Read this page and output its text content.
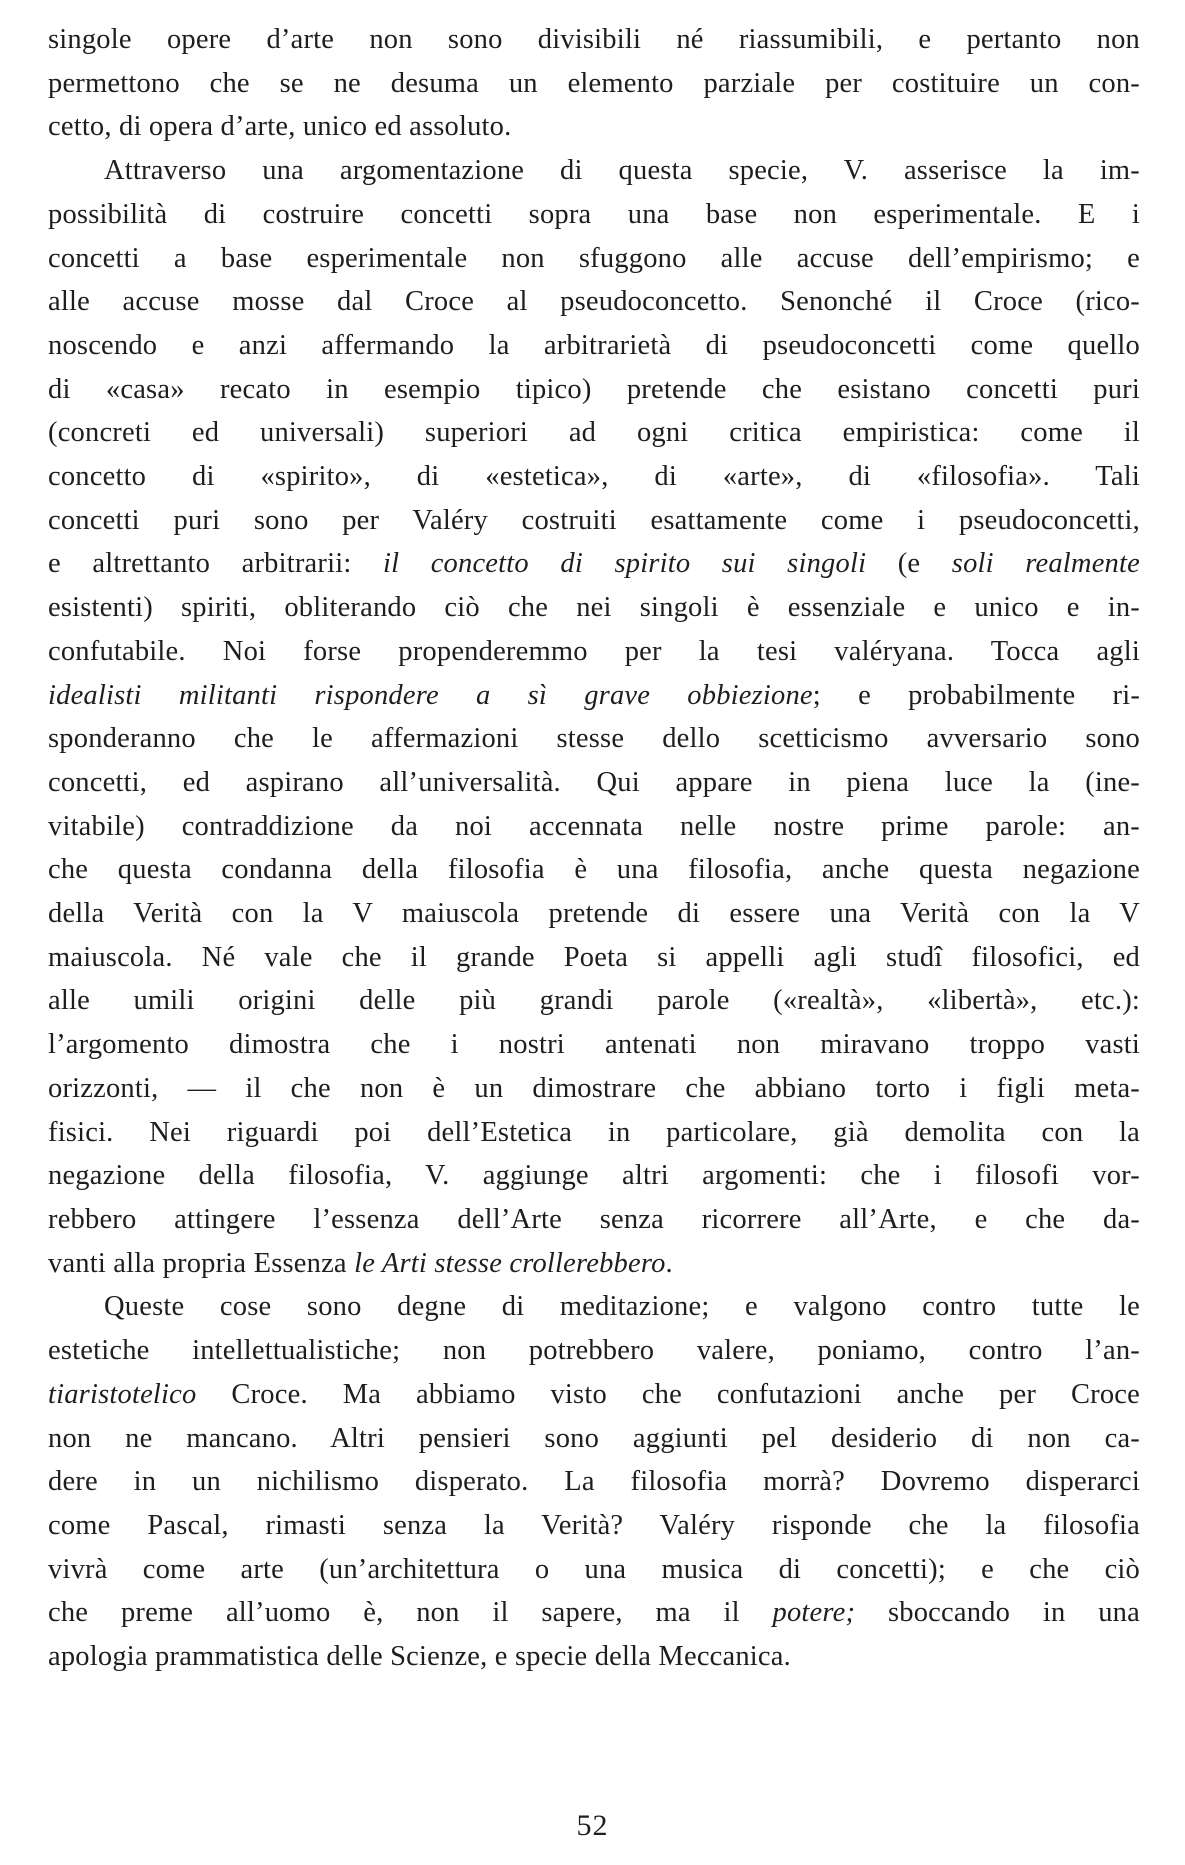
singole opere d’arte non sono divisibili né riassumibili, e pertanto non
permettono che se ne desuma un elemento parziale per costituire un con-
cetto, di opera d’arte, unico ed assoluto.
Attraverso una argomentazione di questa specie, V. asserisce la im-
possibilità di costruire concetti sopra una base non esperimentale. E i
concetti a base esperimentale non sfuggono alle accuse dell’empirismo; e
alle accuse mosse dal Croce al pseudoconcetto. Senonché il Croce (rico-
noscendo e anzi affermando la arbitrarietà di pseudoconcetti come quello
di «casa» recato in esempio tipico) pretende che esistano concetti puri
(concreti ed universali) superiori ad ogni critica empiristica: come il
concetto di «spirito», di «estetica», di «arte», di «filosofia». Tali
concetti puri sono per Valéry costruiti esattamente come i pseudoconcetti,
e altrettanto arbitrarii: il concetto di spirito sui singoli (e soli realmente
esistenti) spiriti, obliterando ciò che nei singoli è essenziale e unico e in-
confutabile. Noi forse propenderemmo per la tesi valéryana. Tocca agli
idealisti militanti rispondere a sì grave obbiezione; e probabilmente ri-
sponderanno che le affermazioni stesse dello scetticismo avversario sono
concetti, ed aspirano all’universalità. Qui appare in piena luce la (ine-
vitabile) contraddizione da noi accennata nelle nostre prime parole: an-
che questa condanna della filosofia è una filosofia, anche questa negazione
della Verità con la V maiuscola pretende di essere una Verità con la V
maiuscola. Né vale che il grande Poeta si appelli agli studî filosofici, ed
alle umili origini delle più grandi parole («realtà», «libertà», etc.):
l’argomento dimostra che i nostri antenati non miravano troppo vasti
orizzonti, — il che non è un dimostrare che abbiano torto i figli meta-
fisici. Nei riguardi poi dell’Estetica in particolare, già demolita con la
negazione della filosofia, V. aggiunge altri argomenti: che i filosofi vor-
rebbero attingere l’essenza dell’Arte senza ricorrere all’Arte, e che da-
vanti alla propria Essenza le Arti stesse crollerebbero.
Queste cose sono degne di meditazione; e valgono contro tutte le
estetiche intellettualistiche; non potrebbero valere, poniamo, contro l’an-
tiaristotelico Croce. Ma abbiamo visto che confutazioni anche per Croce
non ne mancano. Altri pensieri sono aggiunti pel desiderio di non ca-
dere in un nichilismo disperato. La filosofia morrà? Dovremo disperarci
come Pascal, rimasti senza la Verità? Valéry risponde che la filosofia
vivrà come arte (un’architettura o una musica di concetti); e che ciò
che preme all’uomo è, non il sapere, ma il potere; sboccando in una
apologia prammatistica delle Scienze, e specie della Meccanica.
52
